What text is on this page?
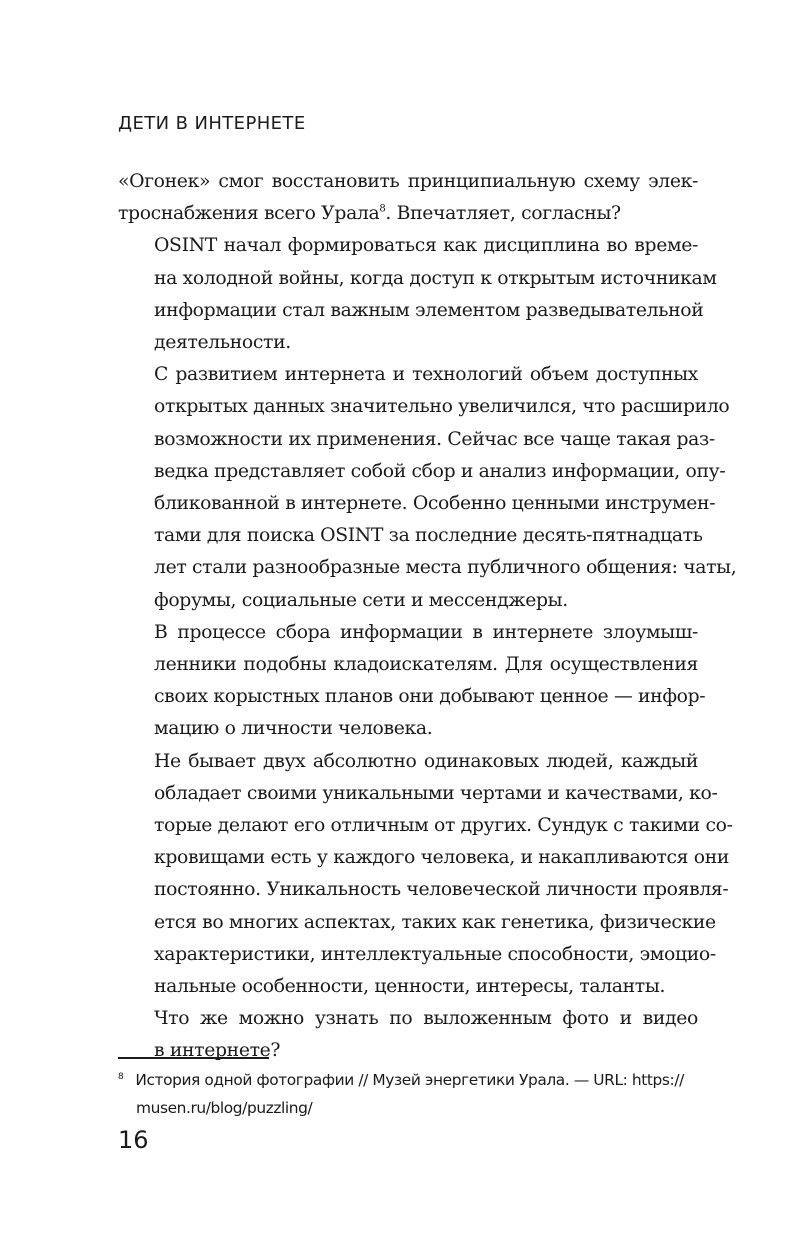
ДЕТИ В ИНТЕРНЕТЕ

«Огонек» смог восстановить принципиальную схему элек-
троснабжения всего Урала$^8$. Впечатляет, согласны?

OSINT начал формироваться как дисциплина во време-
на холодной войны, когда доступ к открытым источникам
информации стал важным элементом разведывательной
деятельности.

С развитием интернета и технологий объем доступных
открытых данных значительно увеличился, что расширило
возможности их применения. Сейчас все чаще такая раз-
ведка представляет собой сбор и анализ информации, опу-
бликованной в интернете. Особенно ценными инструмен-
тами для поиска OSINT за последние десять-пятнадцать
лет стали разнообразные места публичного общения: чаты,
форумы, социальные сети и мессенджеры.

В процессе сбора информации в интернете злоумыш-
ленники подобны кладоискателям. Для осуществления
своих корыстных планов они добывают ценное — инфор-
мацию о личности человека.

Не бывает двух абсолютно одинаковых людей, каждый
обладает своими уникальными чертами и качествами, ко-
торые делают его отличным от других. Сундук с такими со-
кровищами есть у каждого человека, и накапливаются они
постоянно. Уникальность человеческой личности проявля-
ется во многих аспектах, таких как генетика, физические
характеристики, интеллектуальные способности, эмоцио-
нальные особенности, ценности, интересы, таланты.

Что же можно узнать по выложенным фото и видео
в интернете?

$^8$ История одной фотографии // Музей энергетики Урала. — URL: https://
musen.ru/blog/puzzling/
16
